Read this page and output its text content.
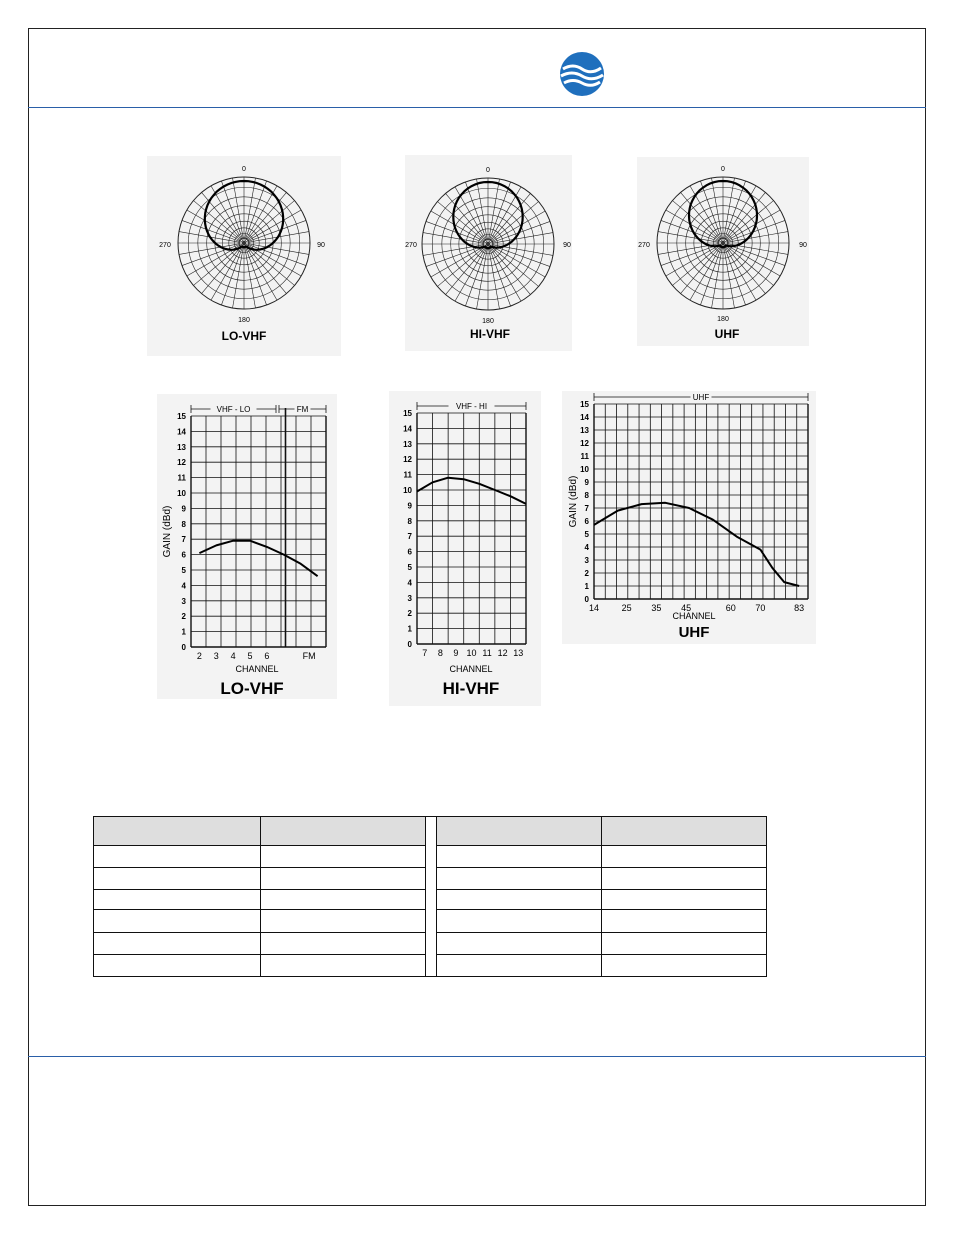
0
90
180
270
LO-VHF
0
90
180
270
HI-VHF
0
90
180
270
UHF
0
1
2
3
4
5
6
7
8
9
10
11
12
13
14
15
2 3 4 5 6	FM
VHF - LO	FM
GAIN (dBd)
CHANNEL
LO-VHF
0
1
2
3
4
5
6
7
8
9
10
11
12
13
14
15
7 8 9 10 11 12 13
VHF - HI
CHANNEL
HI-VHF
0
1
2
3
4
5
6
7
8
9
10
11
12
13
14
15
14	25 35 45	60 70	83
UHF
GAIN (dBd)
CHANNEL
UHF
